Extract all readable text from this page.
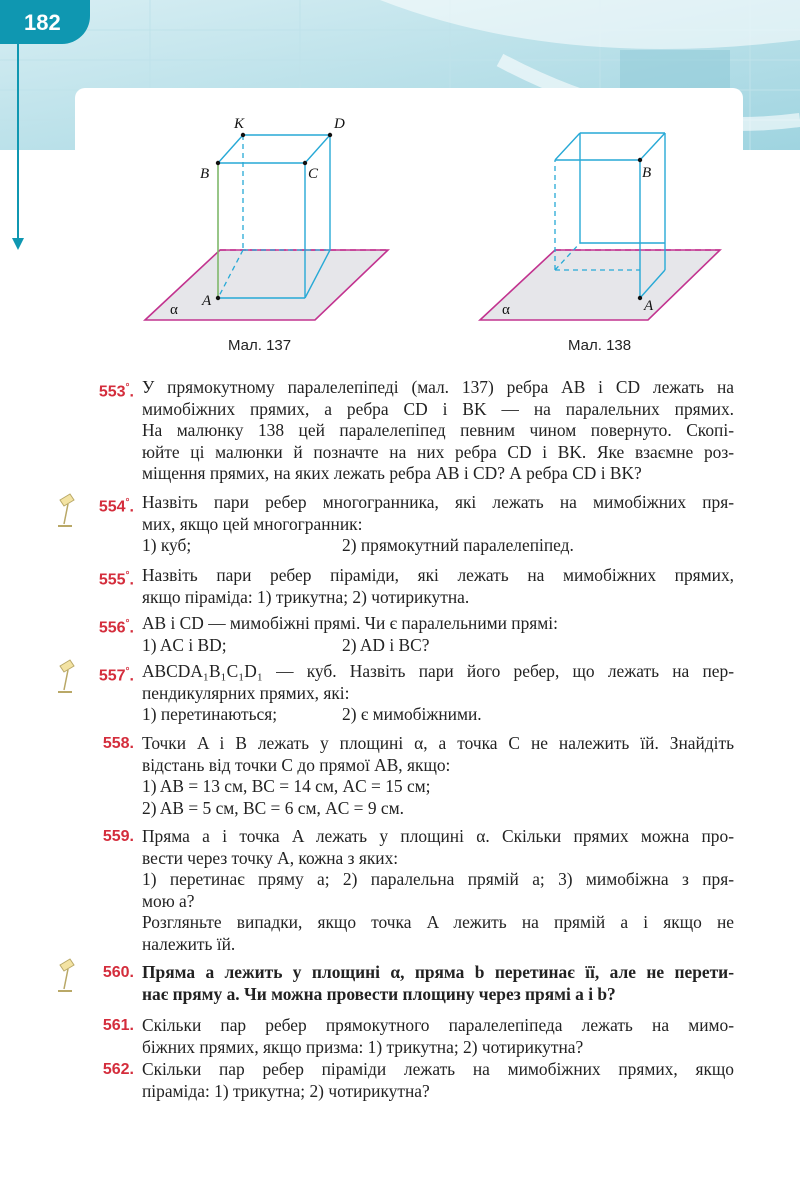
182
K	D
B	C
A
α
Мал. 137
B
A
α
Мал. 138
553°. У прямокутному паралелепіпеді (мал. 137) ребра AB і CD лежать на
мимобіжних прямих, а ребра CD і BK — на паралельних прямих.
На малюнку 138 цей паралелепіпед певним чином повернуто. Скопі-
юйте ці малюнки й позначте на них ребра CD і BK. Яке взаємне роз-
міщення прямих, на яких лежать ребра AB і CD? А ребра CD і BK?
554°. Назвіть пари ребер многогранника, які лежать на мимобіжних пря-
мих, якщо цей многогранник:
1) куб;	2) прямокутний паралелепіпед.
555°. Назвіть пари ребер піраміди, які лежать на мимобіжних прямих,
якщо піраміда: 1) трикутна; 2) чотирикутна.
556°. AB і CD — мимобіжні прямі. Чи є паралельними прямі:
1) AC і BD;	2) AD і BC?
557°. ABCDA₁B₁C₁D₁ — куб. Назвіть пари його ребер, що лежать на пер-
пендикулярних прямих, які:
1) перетинаються;	2) є мимобіжними.
558. Точки A і B лежать у площині α, а точка C не належить їй. Знайдіть
відстань від точки C до прямої AB, якщо:
1) AB = 13 см, BC = 14 см, AC = 15 см;
2) AB = 5 см, BC = 6 см, AC = 9 см.
559. Пряма a і точка A лежать у площині α. Скільки прямих можна про-
вести через точку A, кожна з яких:
1) перетинає пряму a; 2) паралельна прямій a; 3) мимобіжна з пря-
мою a?
Розгляньте випадки, якщо точка A лежить на прямій a і якщо не
належить їй.
560. Пряма a лежить у площині α, пряма b перетинає її, але не перети-
нає пряму a. Чи можна провести площину через прямі a і b?
561. Скільки пар ребер прямокутного паралелепіпеда лежать на мимо-
біжних прямих, якщо призма: 1) трикутна; 2) чотирикутна?
562. Скільки пар ребер піраміди лежать на мимобіжних прямих, якщо
піраміда: 1) трикутна; 2) чотирикутна?
